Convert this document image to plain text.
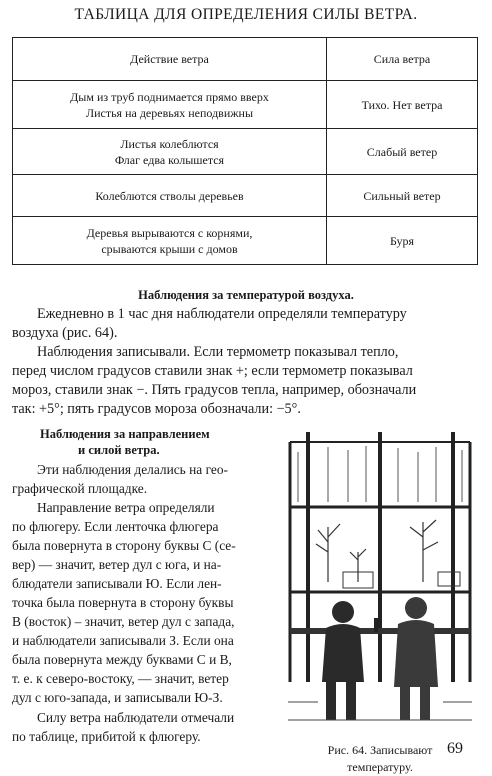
ТАБЛИЦА ДЛЯ ОПРЕДЕЛЕНИЯ СИЛЫ ВЕТРА.
Действие ветра	Сила ветра

Дым из труб поднимается прямо вверх
Листья на деревьях неподвижны	Тихо. Нет ветра

Листья колеблются
Флаг едва колышется	Слабый ветер

Колеблются стволы деревьев	Сильный ветер

Деревья вырываются с корнями,
срываются крыши с домов	Буря
Наблюдения за температурой воздуха.
Ежедневно в 1 час дня наблюдатели определяли температуру
воздуха (рис. 64).
Наблюдения записывали. Если термометр показывал тепло,
перед числом градусов ставили знак +; если термометр показывал
мороз, ставили знак −. Пять градусов тепла, например, обозначали
так: +5°; пять градусов мороза обозначали: −5°.
Наблюдения за направлением
и силой ветра.
Эти наблюдения делались на гео-
графической площадке.
Направление ветра определяли
по флюгеру. Если ленточка флюгера
была повернута в сторону буквы С (се-
вер) — значит, ветер дул с юга, и на-
блюдатели записывали Ю. Если лен-
точка была повернута в сторону буквы
В (восток) – значит, ветер дул с запада,
и наблюдатели записывали З. Если она
была повернута между буквами С и В,
т. е. к северо-востоку, — значит, ветер
дул с юго-запада, и записывали Ю-З.
Силу ветра наблюдатели отмечали
по таблице, прибитой к флюгеру.
Рис. 64. Записывают
температуру.
69
